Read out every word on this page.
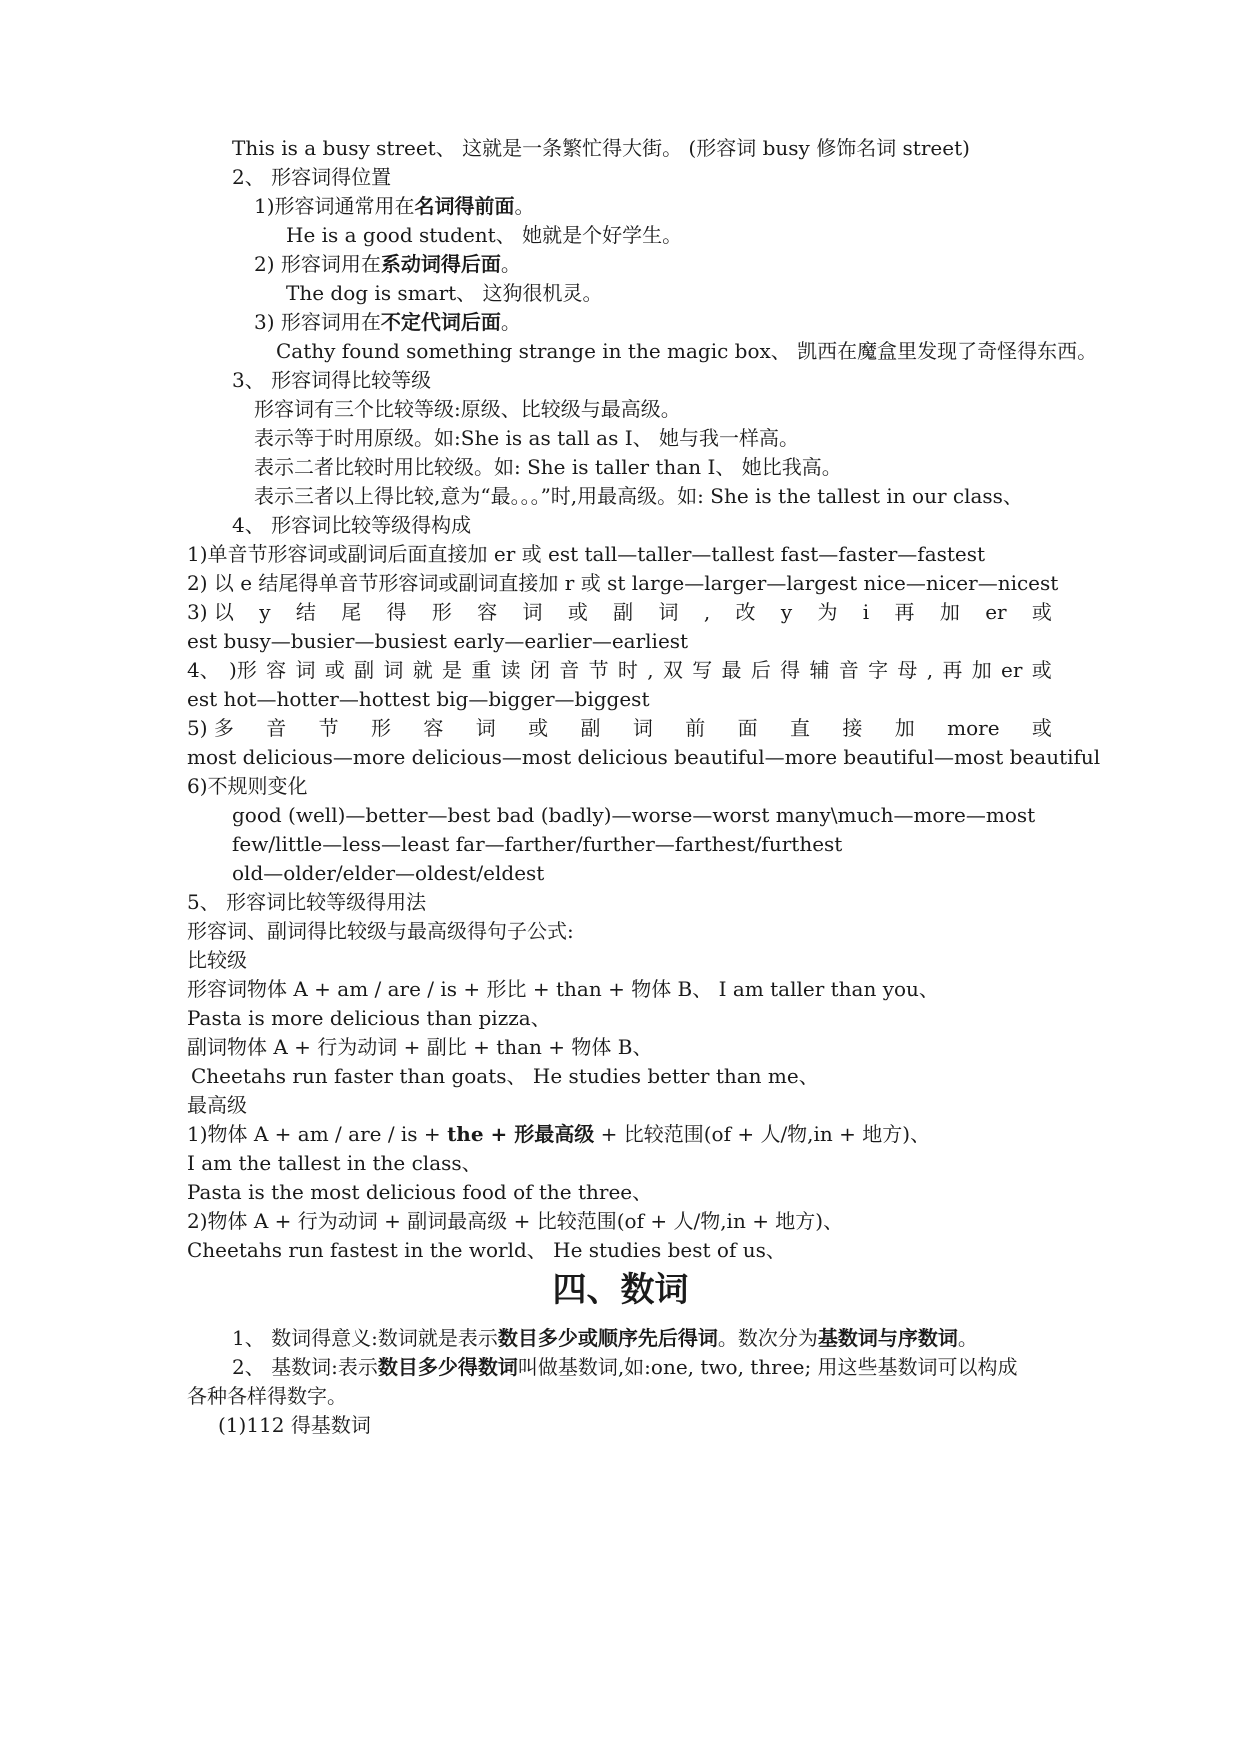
This is a busy street、 这就是一条繁忙得大街。 (形容词 busy 修饰名词 street)
2、 形容词得位置
1)形容词通常用在名词得前面。
He is a good student、 她就是个好学生。
2) 形容词用在系动词得后面。
The dog is smart、 这狗很机灵。
3) 形容词用在不定代词后面。
Cathy found something strange in the magic box、 凯西在魔盒里发现了奇怪得东西。
3、 形容词得比较等级
形容词有三个比较等级:原级、比较级与最高级。
表示等于时用原级。如:She is as tall as I、 她与我一样高。
表示二者比较时用比较级。如: She is taller than I、 她比我高。
表示三者以上得比较,意为“最。。。”时,用最高级。如: She is the tallest in our class、
4、 形容词比较等级得构成
1)单音节形容词或副词后面直接加 er 或 est tall—taller—tallest fast—faster—fastest
2) 以 e 结尾得单音节形容词或副词直接加 r 或 st large—larger—largest nice—nicer—nicest
3) 以 y 结 尾 得 形 容 词 或 副 词 , 改 y 为 i 再 加 er 或
est busy—busier—busiest early—earlier—earliest
4、 )形 容 词 或 副 词 就 是 重 读 闭 音 节 时 , 双 写 最 后 得 辅 音 字 母 , 再 加 er 或
est hot—hotter—hottest big—bigger—biggest
5) 多 音 节 形 容 词 或 副 词 前 面 直 接 加 more 或
most delicious—more delicious—most delicious beautiful—more beautiful—most beautiful
6)不规则变化
good (well)—better—best bad (badly)—worse—worst many\much—more—most
few/little—less—least far—farther/further—farthest/furthest
old—older/elder—oldest/eldest
5、 形容词比较等级得用法
形容词、副词得比较级与最高级得句子公式:
比较级
形容词物体 A + am / are / is + 形比 + than + 物体 B、 I am taller than you、
Pasta is more delicious than pizza、
副词物体 A + 行为动词 + 副比 + than + 物体 B、
Cheetahs run faster than goats、 He studies better than me、
最高级
1)物体 A + am / are / is + the + 形最高级 + 比较范围(of + 人/物,in + 地方)、
I am the tallest in the class、
Pasta is the most delicious food of the three、
2)物体 A + 行为动词 + 副词最高级 + 比较范围(of + 人/物,in + 地方)、
Cheetahs run fastest in the world、 He studies best of us、
四、数词
1、 数词得意义:数词就是表示数目多少或顺序先后得词。数次分为基数词与序数词。
2、 基数词:表示数目多少得数词叫做基数词,如:one, two, three; 用这些基数词可以构成
各种各样得数字。
(1)112 得基数词
